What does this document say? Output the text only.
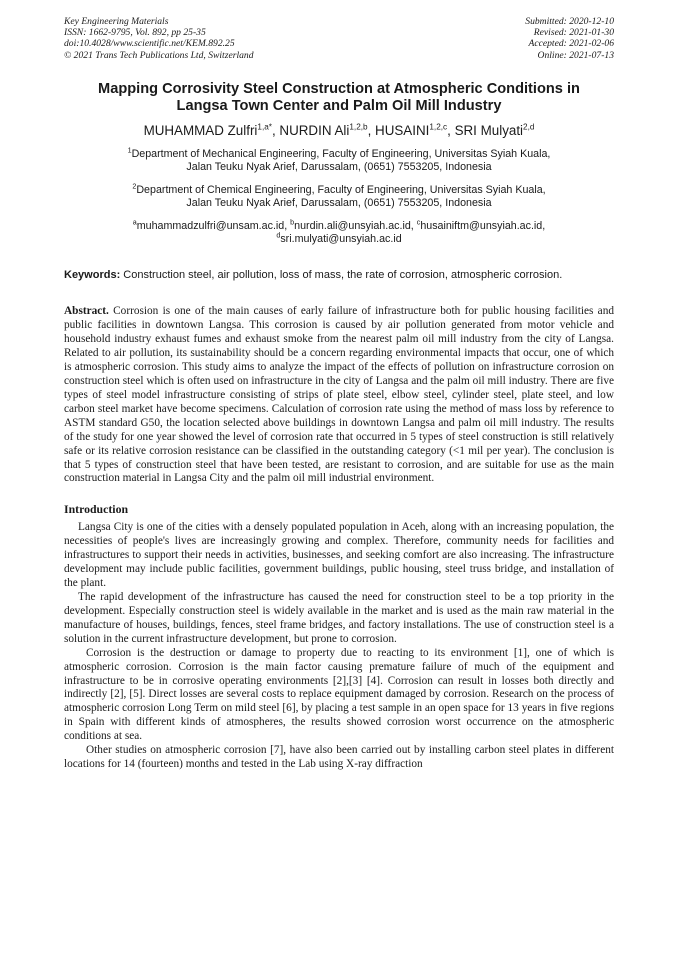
Key Engineering Materials
ISSN: 1662-9795, Vol. 892, pp 25-35
doi:10.4028/www.scientific.net/KEM.892.25
© 2021 Trans Tech Publications Ltd, Switzerland
Submitted: 2020-12-10
Revised: 2021-01-30
Accepted: 2021-02-06
Online: 2021-07-13
Mapping Corrosivity Steel Construction at Atmospheric Conditions in Langsa Town Center and Palm Oil Mill Industry
MUHAMMAD Zulfri$^{1,a*}$, NURDIN Ali$^{1,2,b}$, HUSAINI$^{1,2,c}$, SRI Mulyati$^{2,d}$
$^1$Department of Mechanical Engineering, Faculty of Engineering, Universitas Syiah Kuala,
Jalan Teuku Nyak Arief, Darussalam, (0651) 7553205, Indonesia
$^2$Department of Chemical Engineering, Faculty of Engineering, Universitas Syiah Kuala,
Jalan Teuku Nyak Arief, Darussalam, (0651) 7553205, Indonesia
$^a$muhammadzulfri@unsam.ac.id, $^b$nurdin.ali@unsyiah.ac.id, $^c$husainiftm@unsyiah.ac.id,
$^d$sri.mulyati@unsyiah.ac.id
Keywords: Construction steel, air pollution, loss of mass, the rate of corrosion, atmospheric corrosion.
Abstract. Corrosion is one of the main causes of early failure of infrastructure both for public housing facilities and public facilities in downtown Langsa. This corrosion is caused by air pollution generated from motor vehicle and household industry exhaust fumes and exhaust smoke from the nearest palm oil mill industry from the city of Langsa. Related to air pollution, its sustainability should be a concern regarding environmental impacts that occur, one of which is atmospheric corrosion. This study aims to analyze the impact of the effects of pollution on infrastructure corrosion on construction steel which is often used on infrastructure in the city of Langsa and the palm oil mill industry. There are five types of steel model infrastructure consisting of strips of plate steel, elbow steel, cylinder steel, plate steel, and low carbon steel market have become specimens. Calculation of corrosion rate using the method of mass loss by reference to ASTM standard G50, the location selected above buildings in downtown Langsa and palm oil mill industry. The results of the study for one year showed the level of corrosion rate that occurred in 5 types of steel construction is still relatively safe or its relative corrosion resistance can be classified in the outstanding category (<1 mil per year). The conclusion is that 5 types of construction steel that have been tested, are resistant to corrosion, and are suitable for use as the main construction material in Langsa City and the palm oil mill industrial environment.
Introduction

Langsa City is one of the cities with a densely populated population in Aceh, along with an increasing population, the necessities of people's lives are increasingly growing and complex. Therefore, community needs for facilities and infrastructures to support their needs in activities, businesses, and seeking comfort are also increasing. The infrastructure development may include public facilities, government buildings, public housing, steel truss bridge, and installation of the plant.

The rapid development of the infrastructure has caused the need for construction steel to be a top priority in the development. Especially construction steel is widely available in the market and is used as the main raw material in the manufacture of houses, buildings, fences, steel frame bridges, and factory installations. The use of construction steel is a solution in the current infrastructure development, but prone to corrosion.

Corrosion is the destruction or damage to property due to reacting to its environment [1], one of which is atmospheric corrosion. Corrosion is the main factor causing premature failure of much of the equipment and infrastructure to be in corrosive operating environments [2],[3] [4]. Corrosion can result in losses both directly and indirectly [2], [5]. Direct losses are several costs to replace equipment damaged by corrosion. Research on the process of atmospheric corrosion Long Term on mild steel [6], by placing a test sample in an open space for 13 years in five regions in Spain with different kinds of atmospheres, the results showed corrosion worst occurrence on the atmospheric conditions at sea.

Other studies on atmospheric corrosion [7], have also been carried out by installing carbon steel plates in different locations for 14 (fourteen) months and tested in the Lab using X-ray diffraction
